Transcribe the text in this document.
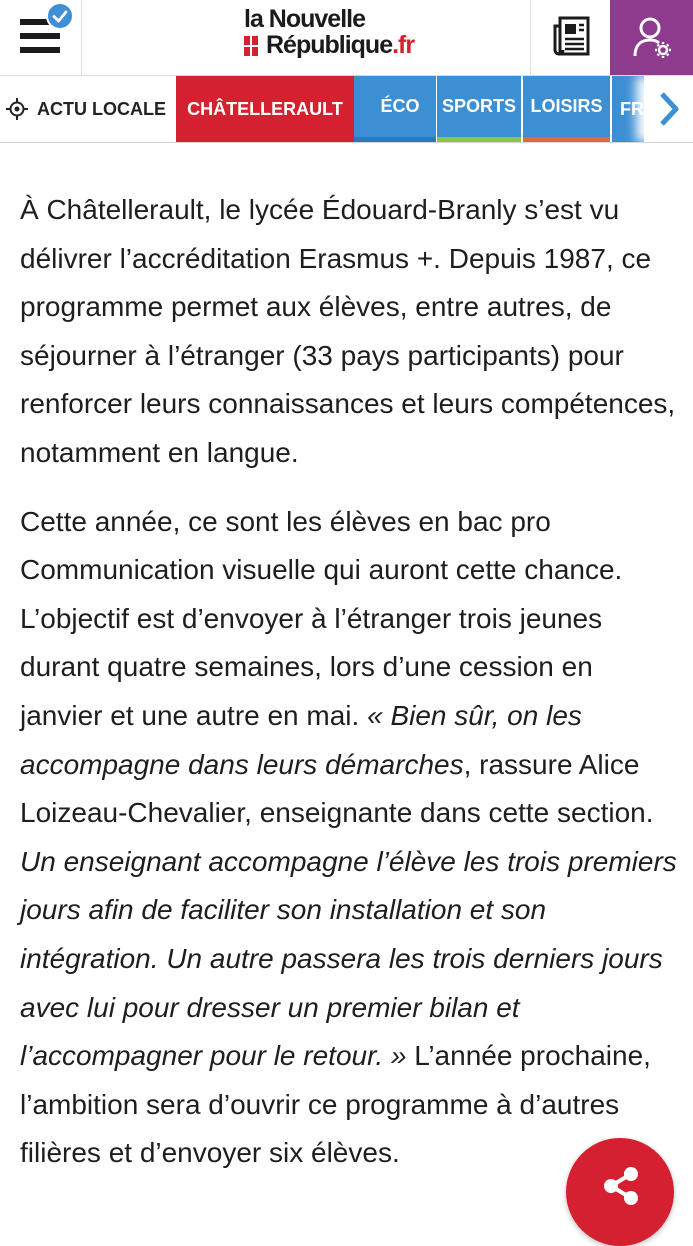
la Nouvelle
République.fr
ACTU LOCALE CHÂTELLERAULT ÉCO SPORTS LOISIRS FR

À Châtellerault, le lycée Édouard-Branly s’est vu délivrer l’accréditation Erasmus +. Depuis 1987, ce programme permet aux élèves, entre autres, de séjourner à l’étranger (33 pays participants) pour renforcer leurs connaissances et leurs compétences, notamment en langue.

Cette année, ce sont les élèves en bac pro Communication visuelle qui auront cette chance. L’objectif est d’envoyer à l’étranger trois jeunes durant quatre semaines, lors d’une cession en janvier et une autre en mai. « Bien sûr, on les accompagne dans leurs démarches, rassure Alice Loizeau-Chevalier, enseignante dans cette section. Un enseignant accompagne l’élève les trois premiers jours afin de faciliter son installation et son intégration. Un autre passera les trois derniers jours avec lui pour dresser un premier bilan et l’accompagner pour le retour. » L’année prochaine, l’ambition sera d’ouvrir ce programme à d’autres filières et d’envoyer six élèves.
